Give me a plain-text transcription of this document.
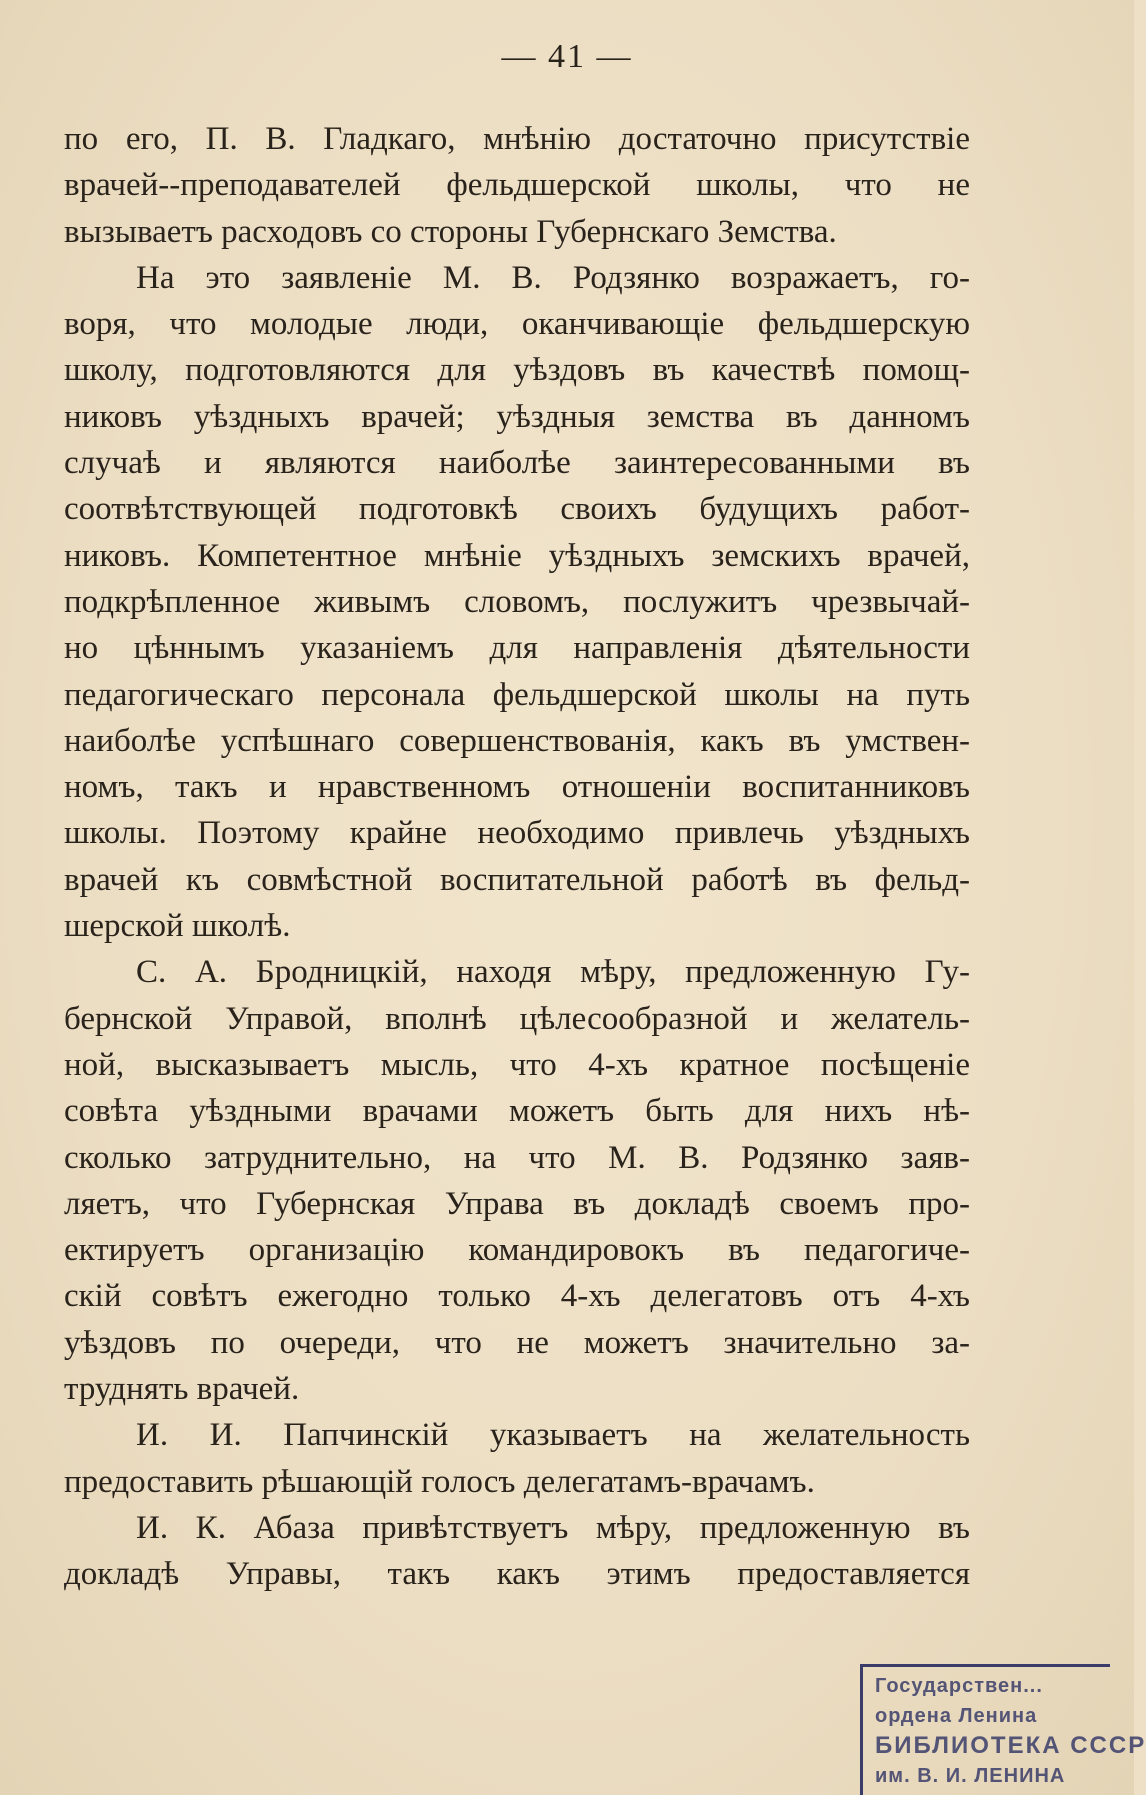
— 41 —
по его, П. В. Гладкаго, мнѣнію достаточно присутствіе
врачей--преподавателей фельдшерской школы, что не
вызываетъ расходовъ со стороны Губернскаго Земства.
На это заявленіе М. В. Родзянко возражаетъ, го-
воря, что молодые люди, оканчивающіе фельдшерскую
школу, подготовляются для уѣздовъ въ качествѣ помощ-
никовъ уѣздныхъ врачей; уѣздныя земства въ данномъ
случаѣ и являются наиболѣе заинтересованными въ
соотвѣтствующей подготовкѣ своихъ будущихъ работ-
никовъ. Компетентное мнѣніе уѣздныхъ земскихъ врачей,
подкрѣпленное живымъ словомъ, послужитъ чрезвычай-
но цѣннымъ указаніемъ для направленія дѣятельности
педагогическаго персонала фельдшерской школы на путь
наиболѣе успѣшнаго совершенствованія, какъ въ умствен-
номъ, такъ и нравственномъ отношеніи воспитанниковъ
школы. Поэтому крайне необходимо привлечь уѣздныхъ
врачей къ совмѣстной воспитательной работѣ въ фельд-
шерской школѣ.
С. А. Бродницкій, находя мѣру, предложенную Гу-
бернской Управой, вполнѣ цѣлесообразной и желатель-
ной, высказываетъ мысль, что 4-хъ кратное посѣщеніе
совѣта уѣздными врачами можетъ быть для нихъ нѣ-
сколько затруднительно, на что М. В. Родзянко заяв-
ляетъ, что Губернская Управа въ докладѣ своемъ про-
ектируетъ организацію командировокъ въ педагогиче-
скій совѣтъ ежегодно только 4-хъ делегатовъ отъ 4-хъ
уѣздовъ по очереди, что не можетъ значительно за-
труднять врачей.
И. И. Папчинскій указываетъ на желательность
предоставить рѣшающій голосъ делегатамъ-врачамъ.
И. К. Абаза привѣтствуетъ мѣру, предложенную въ
докладѣ Управы, такъ какъ этимъ предоставляется
Государствен...
ордена Ленина
БИБЛИОТЕКА СССР
им. В. И. ЛЕНИНА
